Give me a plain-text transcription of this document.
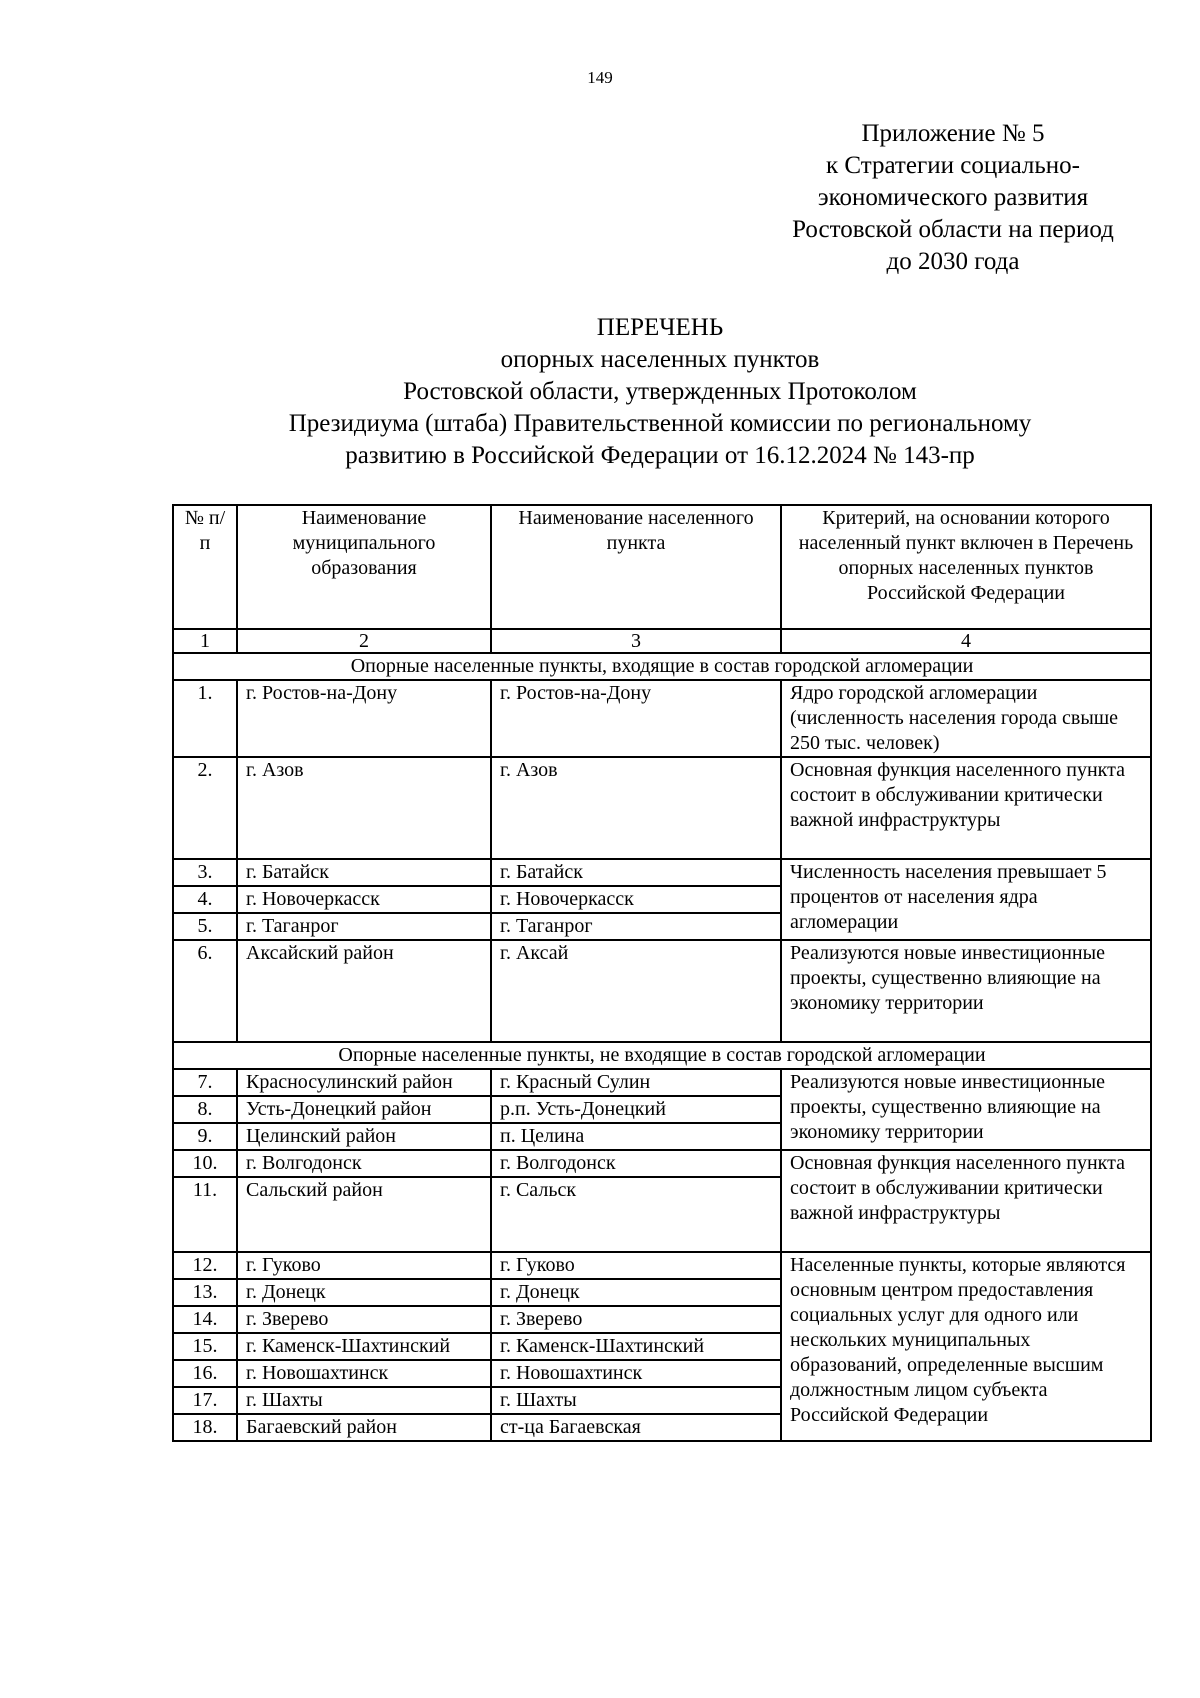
149
Приложение № 5
к Стратегии социально-
экономического развития
Ростовской области на период
до 2030 года
ПЕРЕЧЕНЬ
опорных населенных пунктов
Ростовской области, утвержденных Протоколом
Президиума (штаба) Правительственной комиссии по региональному
развитию в Российской Федерации от 16.12.2024 № 143-пр
№ п/п	Наименование муниципального образования	Наименование населенного пункта	Критерий, на основании которого населенный пункт включен в Перечень опорных населенных пунктов Российской Федерации
1	2	3	4
Опорные населенные пункты, входящие в состав городской агломерации			
1.	г. Ростов-на-Дону	г. Ростов-на-Дону	Ядро городской агломерации (численность населения города свыше 250 тыс. человек)
2.	г. Азов	г. Азов	Основная функция населенного пункта состоит в обслуживании критически важной инфраструктуры
3.	г. Батайск	г. Батайск	Численность населения превышает 5 процентов от населения ядра агломерации
4.	г. Новочеркасск	г. Новочеркасск	
5.	г. Таганрог	г. Таганрог	
6.	Аксайский район	г. Аксай	Реализуются новые инвестиционные проекты, существенно влияющие на экономику территории
Опорные населенные пункты, не входящие в состав городской агломерации			
7.	Красносулинский район	г. Красный Сулин	Реализуются новые инвестиционные проекты, существенно влияющие на экономику территории
8.	Усть-Донецкий район	р.п. Усть-Донецкий	
9.	Целинский район	п. Целина	
10.	г. Волгодонск	г. Волгодонск	Основная функция населенного пункта состоит в обслуживании критически важной инфраструктуры
11.	Сальский район	г. Сальск	
12.	г. Гуково	г. Гуково	Населенные пункты, которые являются основным центром предоставления социальных услуг для одного или нескольких муниципальных образований, определенные высшим должностным лицом субъекта Российской Федерации
13.	г. Донецк	г. Донецк	
14.	г. Зверево	г. Зверево	
15.	г. Каменск-Шахтинский	г. Каменск-Шахтинский	
16.	г. Новошахтинск	г. Новошахтинск	
17.	г. Шахты	г. Шахты	
18.	Багаевский район	ст-ца Багаевская	
